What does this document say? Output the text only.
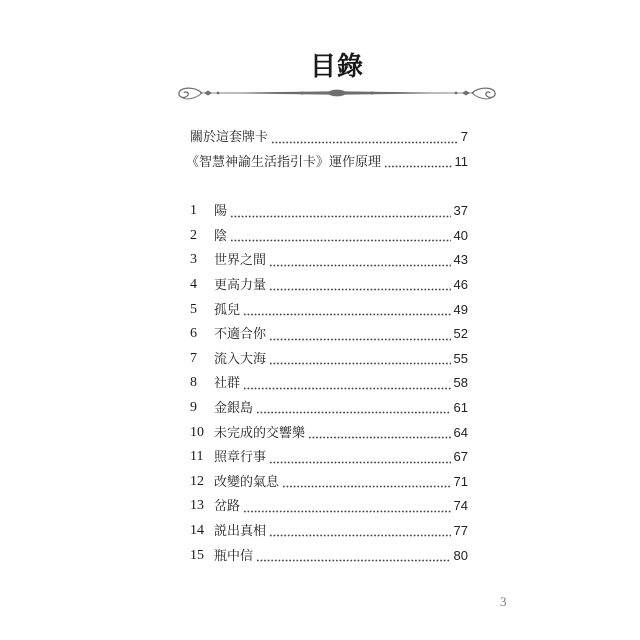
目錄
關於這套牌卡	7
《智慧神諭生活指引卡》運作原理	11
1	陽	37
2	陰	40
3	世界之間	43
4	更高力量	46
5	孤兒	49
6	不適合你	52
7	流入大海	55
8	社群	58
9	金銀島	61
10 未完成的交響樂	64
11 照章行事	67
12 改變的氣息	71
13 岔路	74
14 説出真相	77
15 瓶中信	80
3
